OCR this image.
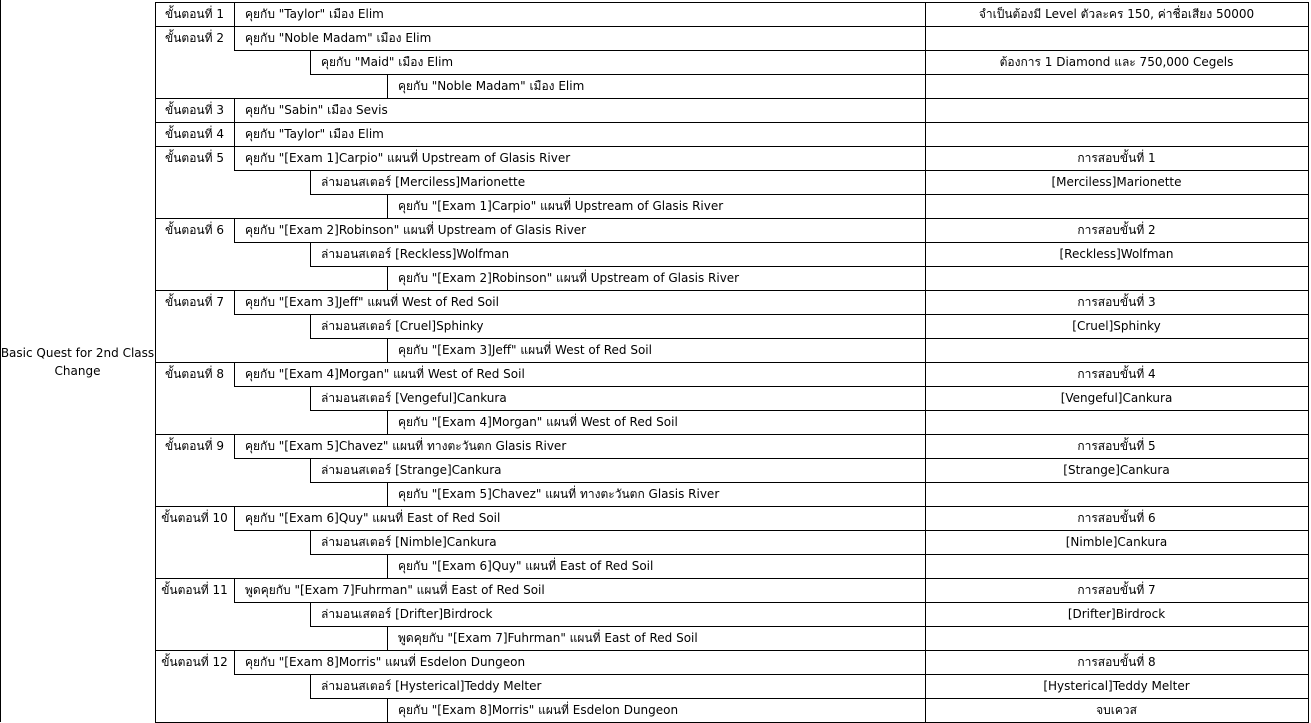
Basic Quest for 2nd Class Change
ขั้นตอนที่ 1	คุยกับ "Taylor" เมือง Elim	จำเป็นต้องมี Level ตัวละคร 150, ค่าชื่อเสียง 50000
ขั้นตอนที่ 2	คุยกับ "Noble Madam" เมือง Elim
คุยกับ "Maid" เมือง Elim	ต้องการ 1 Diamond และ 750,000 Cegels
คุยกับ "Noble Madam" เมือง Elim
ขั้นตอนที่ 3	คุยกับ "Sabin" เมือง Sevis
ขั้นตอนที่ 4	คุยกับ "Taylor" เมือง Elim
ขั้นตอนที่ 5	คุยกับ "[Exam 1]Carpio" แผนที่ Upstream of Glasis River	การสอบขั้นที่ 1
ล่ามอนสเตอร์ [Merciless]Marionette	[Merciless]Marionette
คุยกับ "[Exam 1]Carpio" แผนที่ Upstream of Glasis River
ขั้นตอนที่ 6	คุยกับ "[Exam 2]Robinson" แผนที่ Upstream of Glasis River	การสอบขั้นที่ 2
ล่ามอนสเตอร์ [Reckless]Wolfman	[Reckless]Wolfman
คุยกับ "[Exam 2]Robinson" แผนที่ Upstream of Glasis River
ขั้นตอนที่ 7	คุยกับ "[Exam 3]Jeff" แผนที่ West of Red Soil	การสอบขั้นที่ 3
ล่ามอนสเตอร์ [Cruel]Sphinky	[Cruel]Sphinky
คุยกับ "[Exam 3]Jeff" แผนที่ West of Red Soil
ขั้นตอนที่ 8	คุยกับ "[Exam 4]Morgan" แผนที่ West of Red Soil	การสอบขั้นที่ 4
ล่ามอนสเตอร์ [Vengeful]Cankura	[Vengeful]Cankura
คุยกับ "[Exam 4]Morgan" แผนที่ West of Red Soil
ขั้นตอนที่ 9	คุยกับ "[Exam 5]Chavez" แผนที่ ทางตะวันตก Glasis River	การสอบขั้นที่ 5
ล่ามอนสเตอร์ [Strange]Cankura	[Strange]Cankura
คุยกับ "[Exam 5]Chavez" แผนที่ ทางตะวันตก Glasis River
ขั้นตอนที่ 10	คุยกับ "[Exam 6]Quy" แผนที่ East of Red Soil	การสอบขั้นที่ 6
ล่ามอนสเตอร์ [Nimble]Cankura	[Nimble]Cankura
คุยกับ "[Exam 6]Quy" แผนที่ East of Red Soil
ขั้นตอนที่ 11	พูดคุยกับ "[Exam 7]Fuhrman" แผนที่ East of Red Soil	การสอบขั้นที่ 7
ล่ามอนเสตอร์ [Drifter]Birdrock	[Drifter]Birdrock
พูดคุยกับ "[Exam 7]Fuhrman" แผนที่ East of Red Soil
ขั้นตอนที่ 12	คุยกับ "[Exam 8]Morris" แผนที่ Esdelon Dungeon	การสอบขั้นที่ 8
ล่ามอนสเตอร์ [Hysterical]Teddy Melter	[Hysterical]Teddy Melter
คุยกับ "[Exam 8]Morris" แผนที่ Esdelon Dungeon	จบเควส
